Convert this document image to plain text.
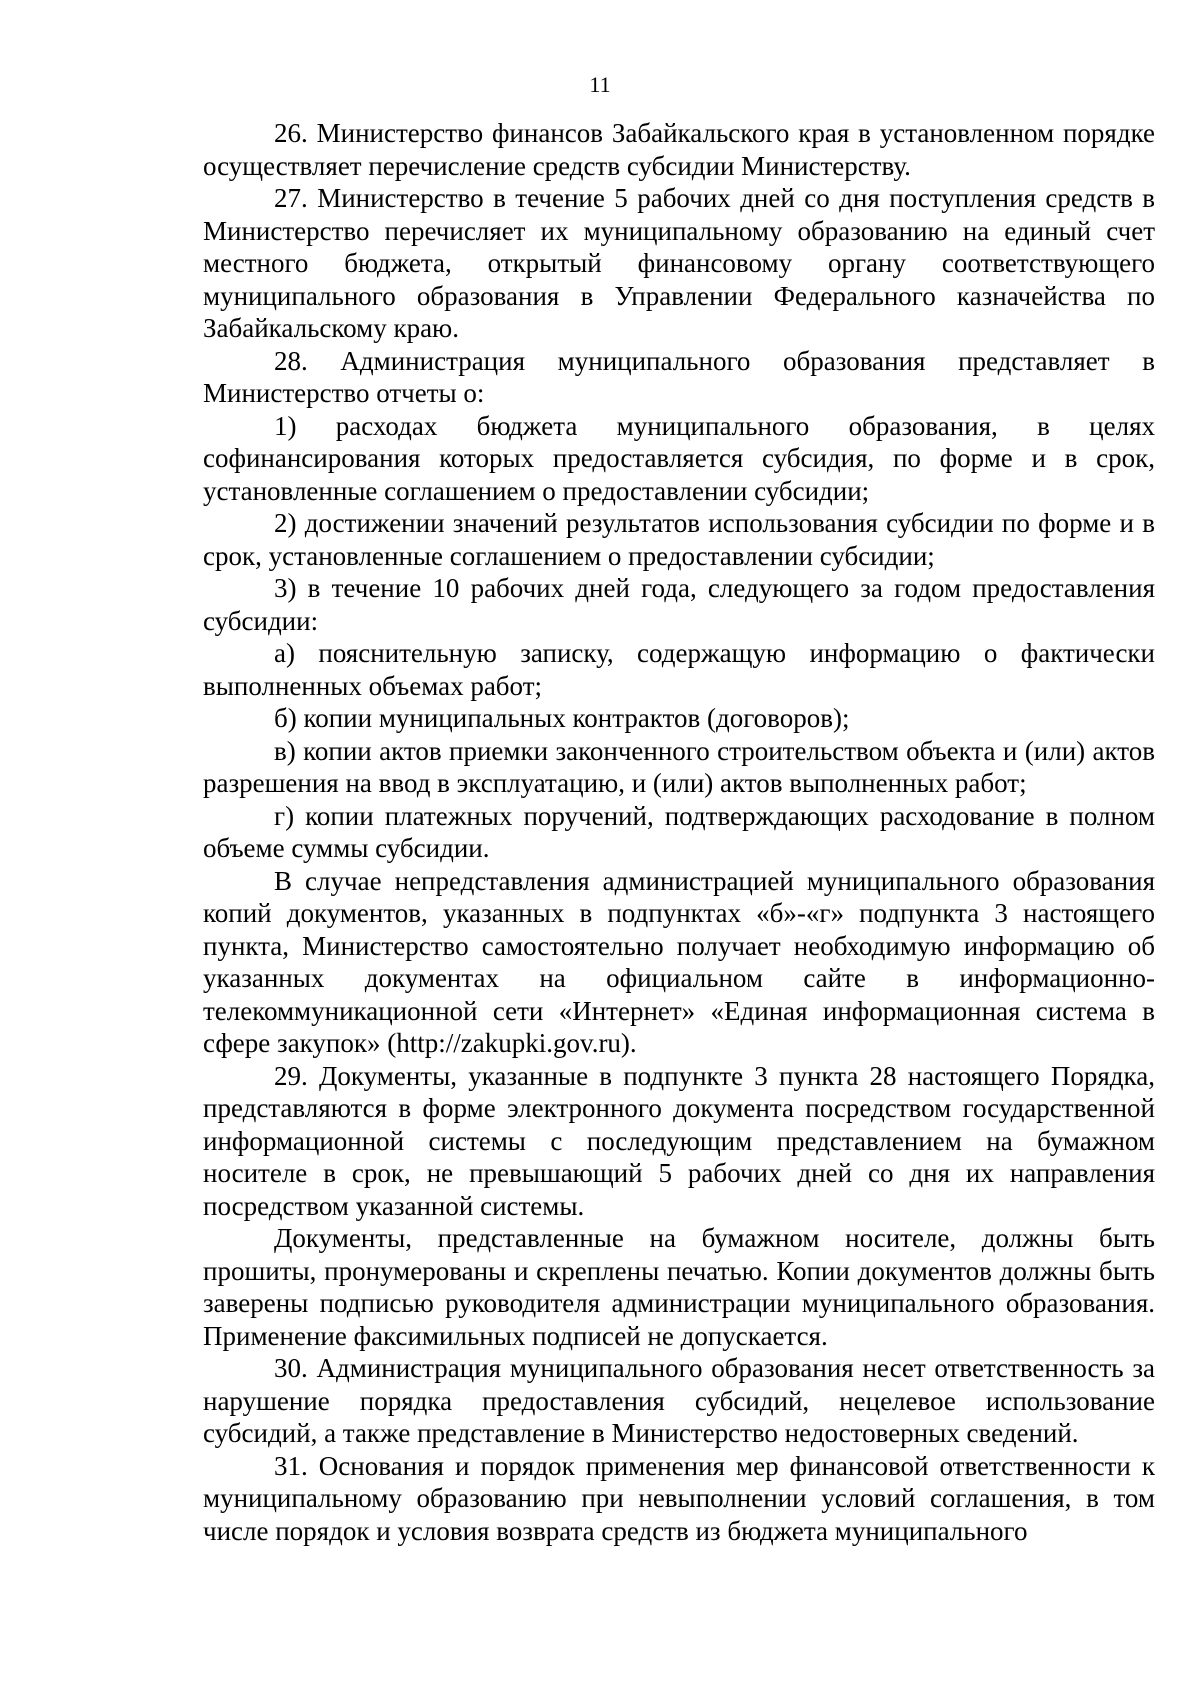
11

26. Министерство финансов Забайкальского края в установленном порядке осуществляет перечисление средств субсидии Министерству.

27. Министерство в течение 5 рабочих дней со дня поступления средств в Министерство перечисляет их муниципальному образованию на единый счет местного бюджета, открытый финансовому органу соответствующего муниципального образования в Управлении Федерального казначейства по Забайкальскому краю.

28. Администрация муниципального образования представляет в Министерство отчеты о:

1) расходах бюджета муниципального образования, в целях софинансирования которых предоставляется субсидия, по форме и в срок, установленные соглашением о предоставлении субсидии;

2) достижении значений результатов использования субсидии по форме и в срок, установленные соглашением о предоставлении субсидии;

3) в течение 10 рабочих дней года, следующего за годом предоставления субсидии:

а) пояснительную записку, содержащую информацию о фактически выполненных объемах работ;

б) копии муниципальных контрактов (договоров);

в) копии актов приемки законченного строительством объекта и (или) актов разрешения на ввод в эксплуатацию, и (или) актов выполненных работ;

г) копии платежных поручений, подтверждающих расходование в полном объеме суммы субсидии.

В случае непредставления администрацией муниципального образования копий документов, указанных в подпунктах «б»-«г» подпункта 3 настоящего пункта, Министерство самостоятельно получает необходимую информацию об указанных документах на официальном сайте в информационно-телекоммуникационной сети «Интернет» «Единая информационная система в сфере закупок» (http://zakupki.gov.ru).

29. Документы, указанные в подпункте 3 пункта 28 настоящего Порядка, представляются в форме электронного документа посредством государственной информационной системы с последующим представлением на бумажном носителе в срок, не превышающий 5 рабочих дней со дня их направления посредством указанной системы.

Документы, представленные на бумажном носителе, должны быть прошиты, пронумерованы и скреплены печатью. Копии документов должны быть заверены подписью руководителя администрации муниципального образования. Применение факсимильных подписей не допускается.

30. Администрация муниципального образования несет ответственность за нарушение порядка предоставления субсидий, нецелевое использование субсидий, а также представление в Министерство недостоверных сведений.

31. Основания и порядок применения мер финансовой ответственности к муниципальному образованию при невыполнении условий соглашения, в том числе порядок и условия возврата средств из бюджета муниципального
